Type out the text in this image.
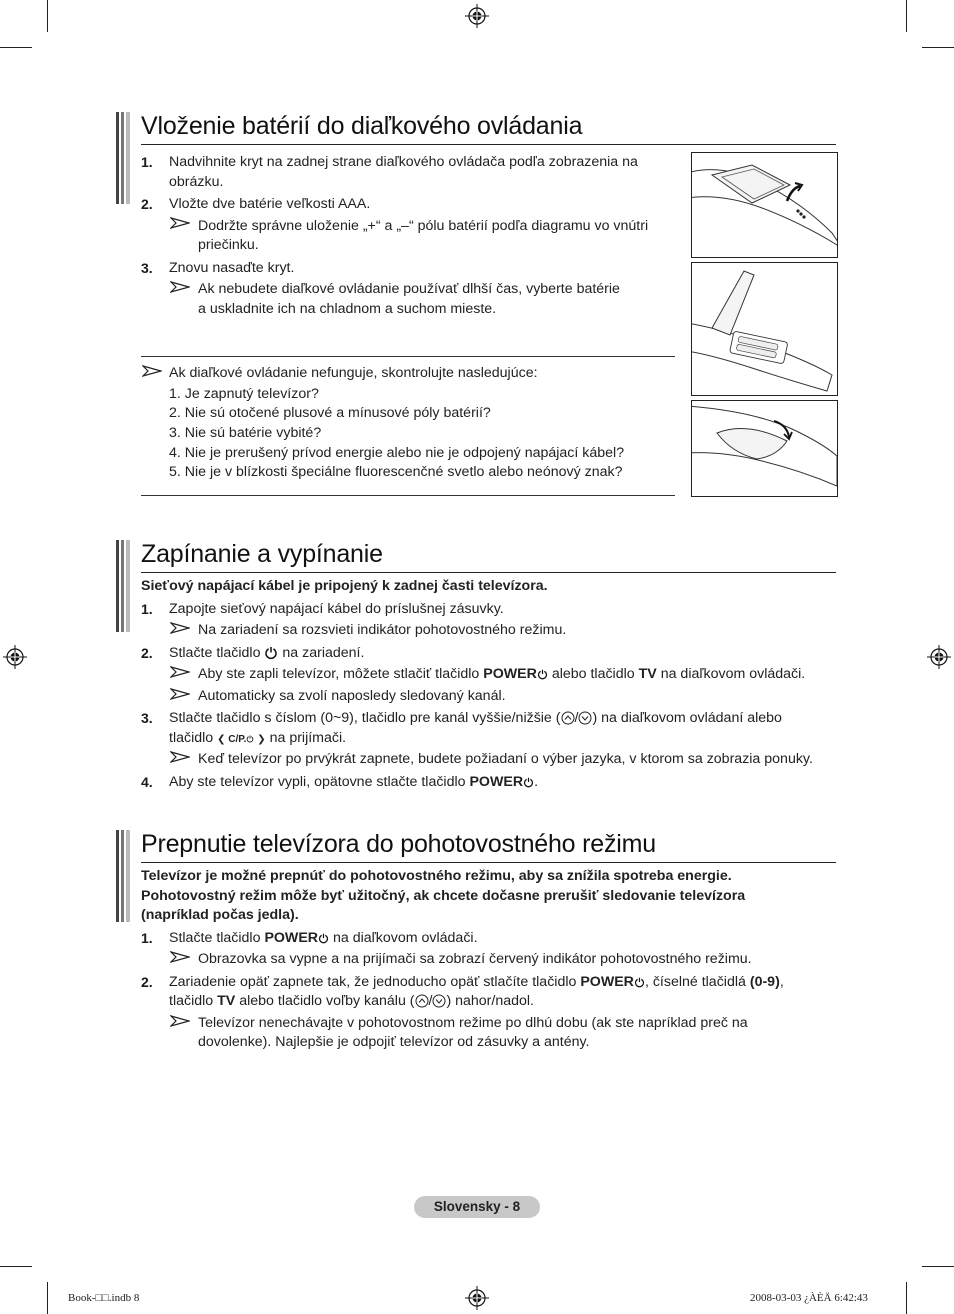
Vloženie batérií do diaľkového ovládania
1. Nadvihnite kryt na zadnej strane diaľkového ovládača podľa zobrazenia na
obrázku.
2. Vložte dve batérie veľkosti AAA.
Dodržte správne uloženie „+“ a „–“ pólu batérií podľa diagramu vo vnútri
priečinku.
3. Znovu nasaďte kryt.
Ak nebudete diaľkové ovládanie používať dlhší čas, vyberte batérie
a uskladnite ich na chladnom a suchom mieste.
Ak diaľkové ovládanie nefunguje, skontrolujte nasledujúce:
1. Je zapnutý televízor?
2. Nie sú otočené plusové a mínusové póly batérií?
3. Nie sú batérie vybité?
4. Nie je prerušený prívod energie alebo nie je odpojený napájací kábel?
5. Nie je v blízkosti špeciálne fluorescenčné svetlo alebo neónový znak?
Zapínanie a vypínanie
Sieťový napájací kábel je pripojený k zadnej časti televízora.
1. Zapojte sieťový napájací kábel do príslušnej zásuvky.
Na zariadení sa rozsvieti indikátor pohotovostného režimu.
2. Stlačte tlačidlo na zariadení.
Aby ste zapli televízor, môžete stlačiť tlačidlo POWER alebo tlačidlo TV na diaľkovom ovládači.
Automaticky sa zvolí naposledy sledovaný kanál.
3. Stlačte tlačidlo s číslom (0~9), tlačidlo pre kanál vyššie/nižšie ( / ) na diaľkovom ovládaní alebo
tlačidlo ❮ C/P. ❯ na prijímači.
Keď televízor po prvýkrát zapnete, budete požiadaní o výber jazyka, v ktorom sa zobrazia ponuky.
4. Aby ste televízor vypli, opätovne stlačte tlačidlo POWER .
Prepnutie televízora do pohotovostného režimu
Televízor je možné prepnúť do pohotovostného režimu, aby sa znížila spotreba energie.
Pohotovostný režim môže byť užitočný, ak chcete dočasne prerušiť sledovanie televízora
(napríklad počas jedla).
1. Stlačte tlačidlo POWER na diaľkovom ovládači.
Obrazovka sa vypne a na prijímači sa zobrazí červený indikátor pohotovostného režimu.
2. Zariadenie opäť zapnete tak, že jednoducho opäť stlačíte tlačidlo POWER , číselné tlačidlá (0-9),
tlačidlo TV alebo tlačidlo voľby kanálu ( / ) nahor/nadol.
Televízor nenechávajte v pohotovostnom režime po dlhú dobu (ak ste napríklad preč na
dovolenke). Najlepšie je odpojiť televízor od zásuvky a antény.
Slovensky - 8
Book-□□.indb 8	2008-03-03 ¿ÀÈÄ 6:42:43
